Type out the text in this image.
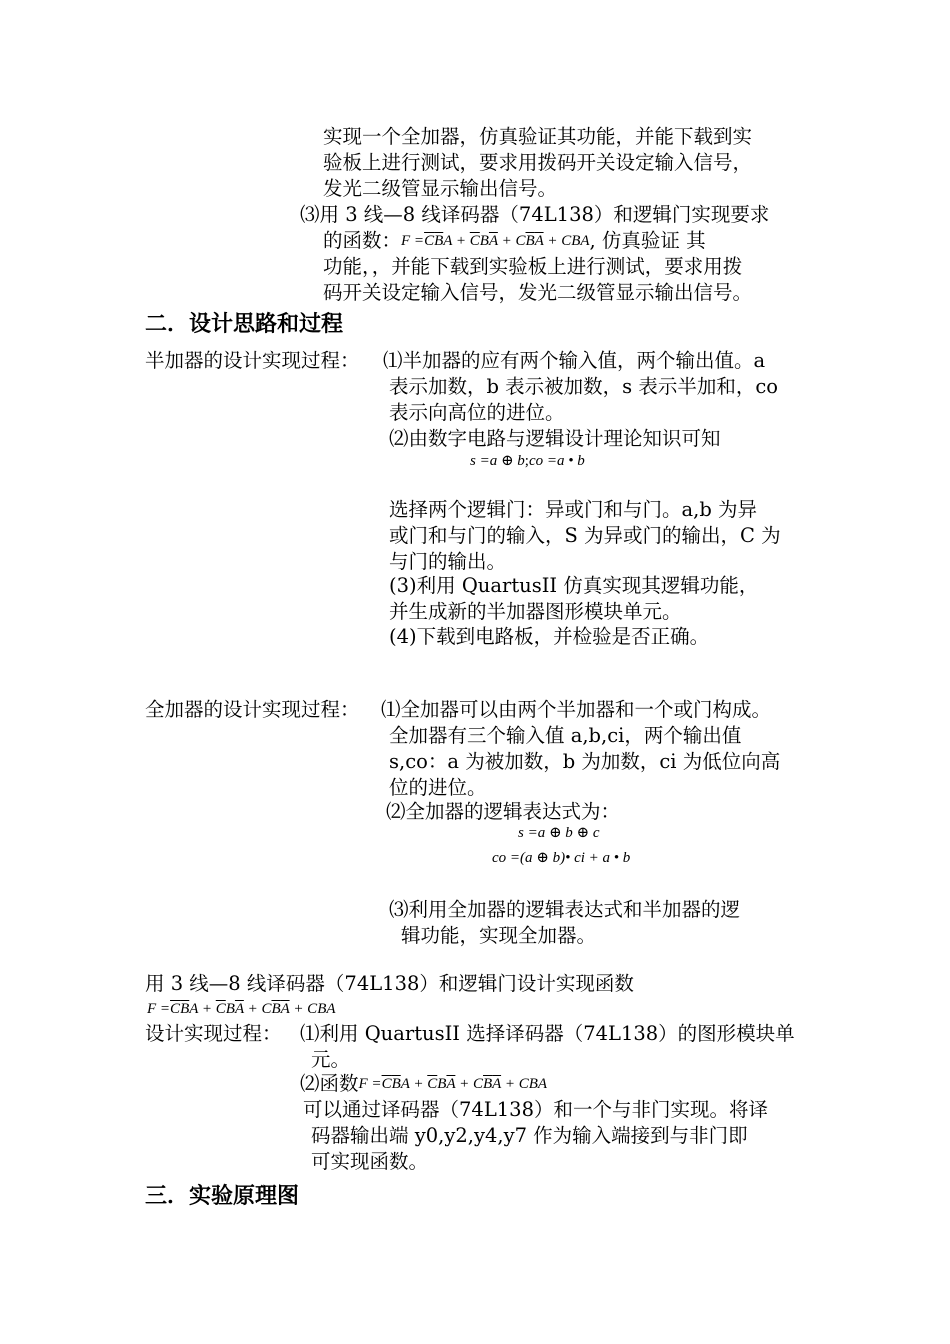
实现一个全加器，仿真验证其功能，并能下载到实
验板上进行测试，要求用拨码开关设定输入信号，
发光二级管显示输出信号。
⑶用 3 线—8 线译码器（74L138）和逻辑门实现要求
的函数：$F =\overline{C}\overline{B}A + \overline{C}B\overline{A} + C\overline{B}\overline{A}$ + CBA, 仿真验证 其
功能，，并能下载到实验板上进行测试，要求用拨
码开关设定输入信号，发光二级管显示输出信号。
二．设计思路和过程
半加器的设计实现过程： ⑴半加器的应有两个输入值，两个输出值。a
表示加数，b 表示被加数，s 表示半加和，co
表示向高位的进位。
⑵由数字电路与逻辑设计理论知识可知
s =a ⊕ b;co =a • b
选择两个逻辑门：异或门和与门。a,b 为异
或门和与门的输入，S 为异或门的输出，C 为
与门的输出。
(3)利用 QuartusII 仿真实现其逻辑功能，
并生成新的半加器图形模块单元。
(4)下载到电路板，并检验是否正确。
全加器的设计实现过程： ⑴全加器可以由两个半加器和一个或门构成。
全加器有三个输入值 a,b,ci，两个输出值
s,co：a 为被加数，b 为加数，ci 为低位向高
位的进位。
⑵全加器的逻辑表达式为：
s =a ⊕ b ⊕ c
co =(a ⊕ b)• ci + a • b
⑶利用全加器的逻辑表达式和半加器的逻
辑功能，实现全加器。
用 3 线—8 线译码器（74L138）和逻辑门设计实现函数
$F =\overline{C}\overline{B}A + \overline{C}B\overline{A} + C\overline{B}\overline{A}$ + CBA
设计实现过程： ⑴利用 QuartusII 选择译码器（74L138）的图形模块单
元。
⑵函数$F =\overline{C}\overline{B}A + \overline{C}B\overline{A} + C\overline{B}\overline{A}$ + CBA
可以通过译码器（74L138）和一个与非门实现。将译
码器输出端 y0,y2,y4,y7 作为输入端接到与非门即
可实现函数。
三．实验原理图
